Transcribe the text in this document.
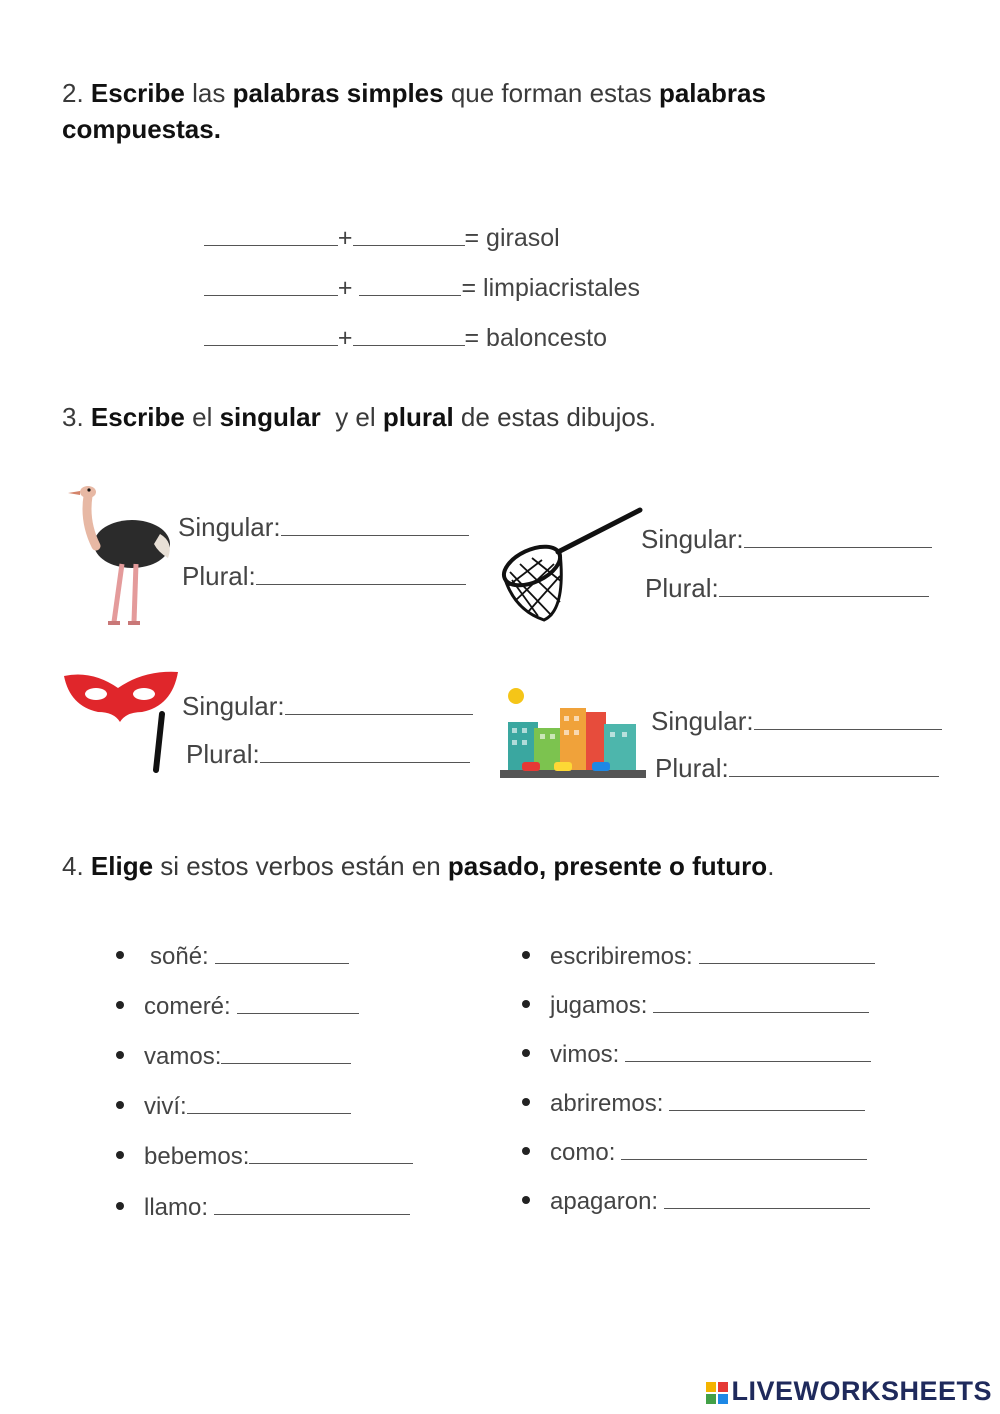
2. Escribe las palabras simples que forman estas palabras
compuestas.

+	= girasol

+	= limpiacristales

+	= baloncesto

3. Escribe el singular y el plural de estas dibujos.
Singular:
Plural:
Singular:
Plural:
Singular:
Plural:
Singular:
Plural:
4. Elige si estos verbos están en pasado, presente o futuro.
soñé:
comeré:
vamos:
viví:
bebemos:
llamo:
escribiremos:
jugamos:
vimos:
abriremos:
como:
apagaron:
LIVEWORKSHEETS
